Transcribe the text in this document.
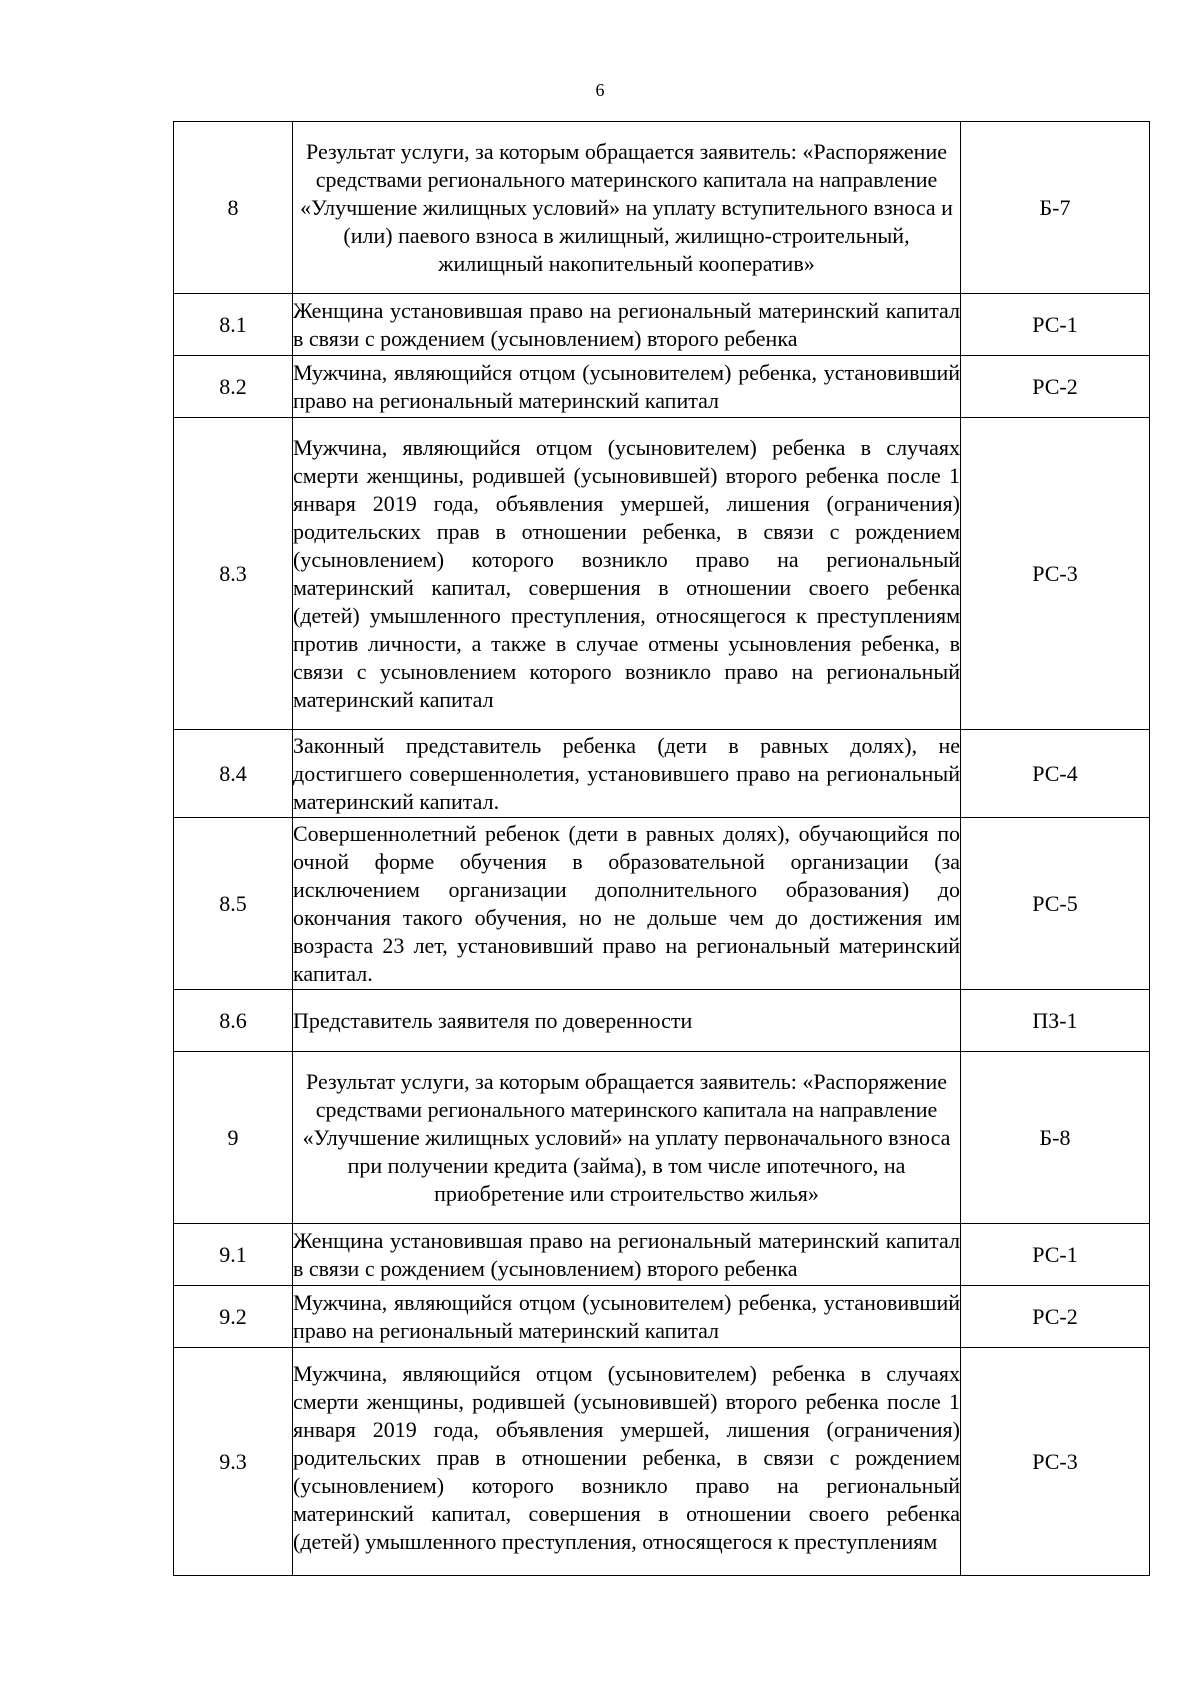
6
8	Результат услуги, за которым обращается заявитель: «Распоряжение средствами регионального материнского капитала на направление «Улучшение жилищных условий» на уплату вступительного взноса и (или) паевого взноса в жилищный, жилищно-строительный, жилищный накопительный кооператив»	Б-7
8.1	Женщина установившая право на региональный материнский капитал в связи с рождением (усыновлением) второго ребенка	РС-1
8.2	Мужчина, являющийся отцом (усыновителем) ребенка, установивший право на региональный материнский капитал	РС-2
8.3	Мужчина, являющийся отцом (усыновителем) ребенка в случаях смерти женщины, родившей (усыновившей) второго ребенка после 1 января 2019 года, объявления умершей, лишения (ограничения) родительских прав в отношении ребенка, в связи с рождением (усыновлением) которого возникло право на региональный материнский капитал, совершения в отношении своего ребенка (детей) умышленного преступления, относящегося к преступлениям против личности, а также в случае отмены усыновления ребенка, в связи с усыновлением которого возникло право на региональный материнский капитал	РС-3
8.4	Законный представитель ребенка (дети в равных долях), не достигшего совершеннолетия, установившего право на региональный материнский капитал.	РС-4
8.5	Совершеннолетний ребенок (дети в равных долях), обучающийся по очной форме обучения в образовательной организации (за исключением организации дополнительного образования) до окончания такого обучения, но не дольше чем до достижения им возраста 23 лет, установивший право на региональный материнский капитал.	РС-5
8.6	Представитель заявителя по доверенности	ПЗ-1
9	Результат услуги, за которым обращается заявитель: «Распоряжение средствами регионального материнского капитала на направление «Улучшение жилищных условий» на уплату первоначального взноса при получении кредита (займа), в том числе ипотечного, на приобретение или строительство жилья»	Б-8
9.1	Женщина установившая право на региональный материнский капитал в связи с рождением (усыновлением) второго ребенка	РС-1
9.2	Мужчина, являющийся отцом (усыновителем) ребенка, установивший право на региональный материнский капитал	РС-2
9.3	Мужчина, являющийся отцом (усыновителем) ребенка в случаях смерти женщины, родившей (усыновившей) второго ребенка после 1 января 2019 года, объявления умершей, лишения (ограничения) родительских прав в отношении ребенка, в связи с рождением (усыновлением) которого возникло право на региональный материнский капитал, совершения в отношении своего ребенка (детей) умышленного преступления, относящегося к преступлениям	РС-3
